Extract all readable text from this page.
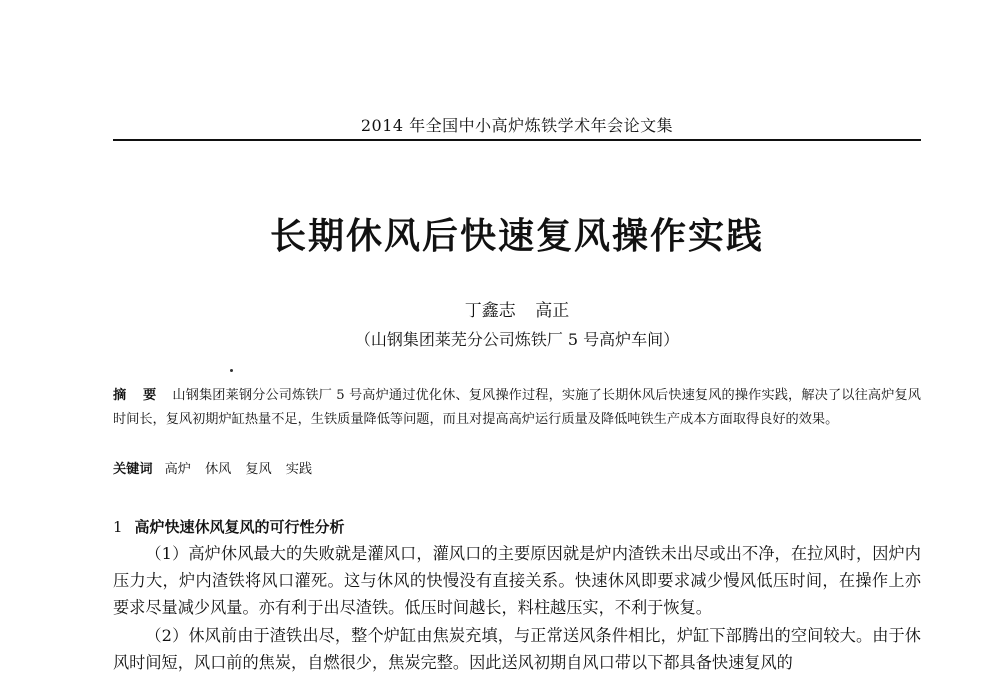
2014 年全国中小高炉炼铁学术年会论文集
长期休风后快速复风操作实践
丁鑫志 高正
（山钢集团莱芜分公司炼铁厂 5 号高炉车间）
摘 要 山钢集团莱钢分公司炼铁厂 5 号高炉通过优化休、复风操作过程，实施了长期休风后快速复风的操作实践，解决了以往高炉复风时间长，复风初期炉缸热量不足，生铁质量降低等问题，而且对提高高炉运行质量及降低吨铁生产成本方面取得良好的效果。
关键词 高炉 休风 复风 实践
1 高炉快速休风复风的可行性分析

（1）高炉休风最大的失败就是灌风口，灌风口的主要原因就是炉内渣铁未出尽或出不净，在拉风时，因炉内压力大，炉内渣铁将风口灌死。这与休风的快慢没有直接关系。快速休风即要求减少慢风低压时间，在操作上亦要求尽量减少风量。亦有利于出尽渣铁。低压时间越长，料柱越压实，不利于恢复。

（2）休风前由于渣铁出尽，整个炉缸由焦炭充填，与正常送风条件相比，炉缸下部腾出的空间较大。由于休风时间短，风口前的焦炭，自燃很少，焦炭完整。因此送风初期自风口带以下都具备快速复风的
